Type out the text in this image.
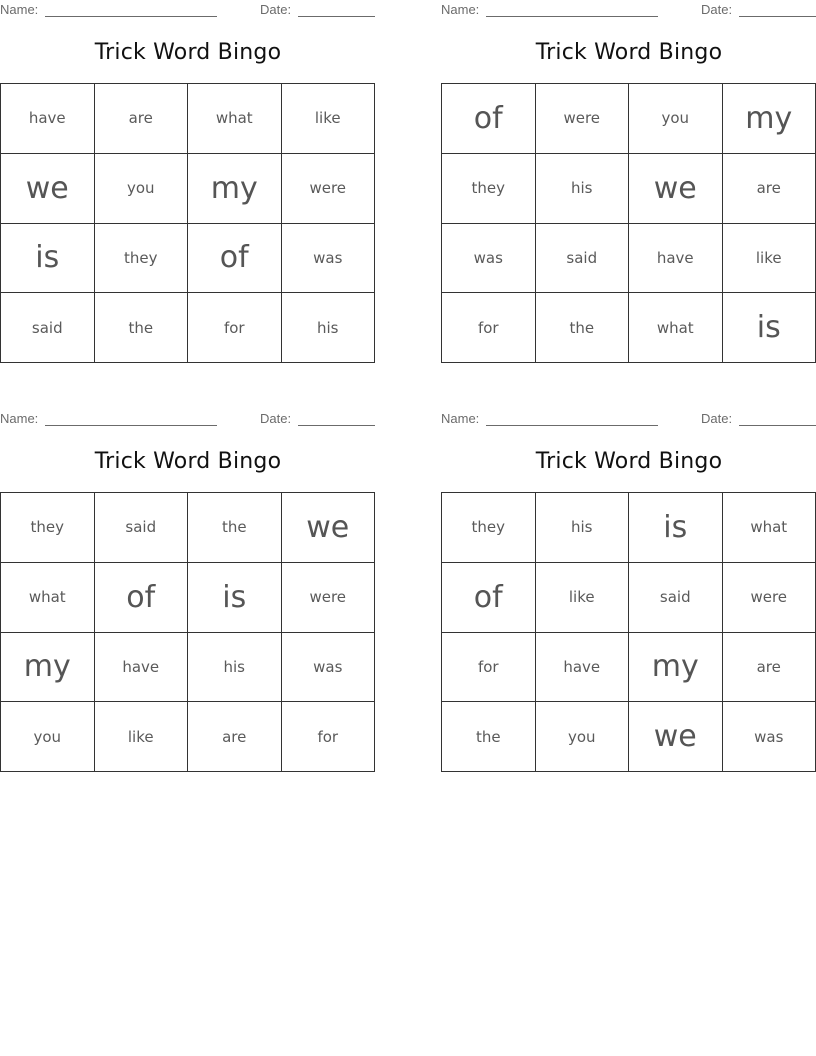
Name:	Date:
Trick Word Bingo
have	are	what	like
we	you	my	were
is	they	of	was
said	the	for	his
Name:	Date:
Trick Word Bingo
of	were	you	my
they	his	we	are
was	said	have	like
for	the	what	is
Name:	Date:
Trick Word Bingo
they	said	the	we
what	of	is	were
my	have	his	was
you	like	are	for
Name:	Date:
Trick Word Bingo
they	his	is	what
of	like	said	were
for	have	my	are
the	you	we	was
